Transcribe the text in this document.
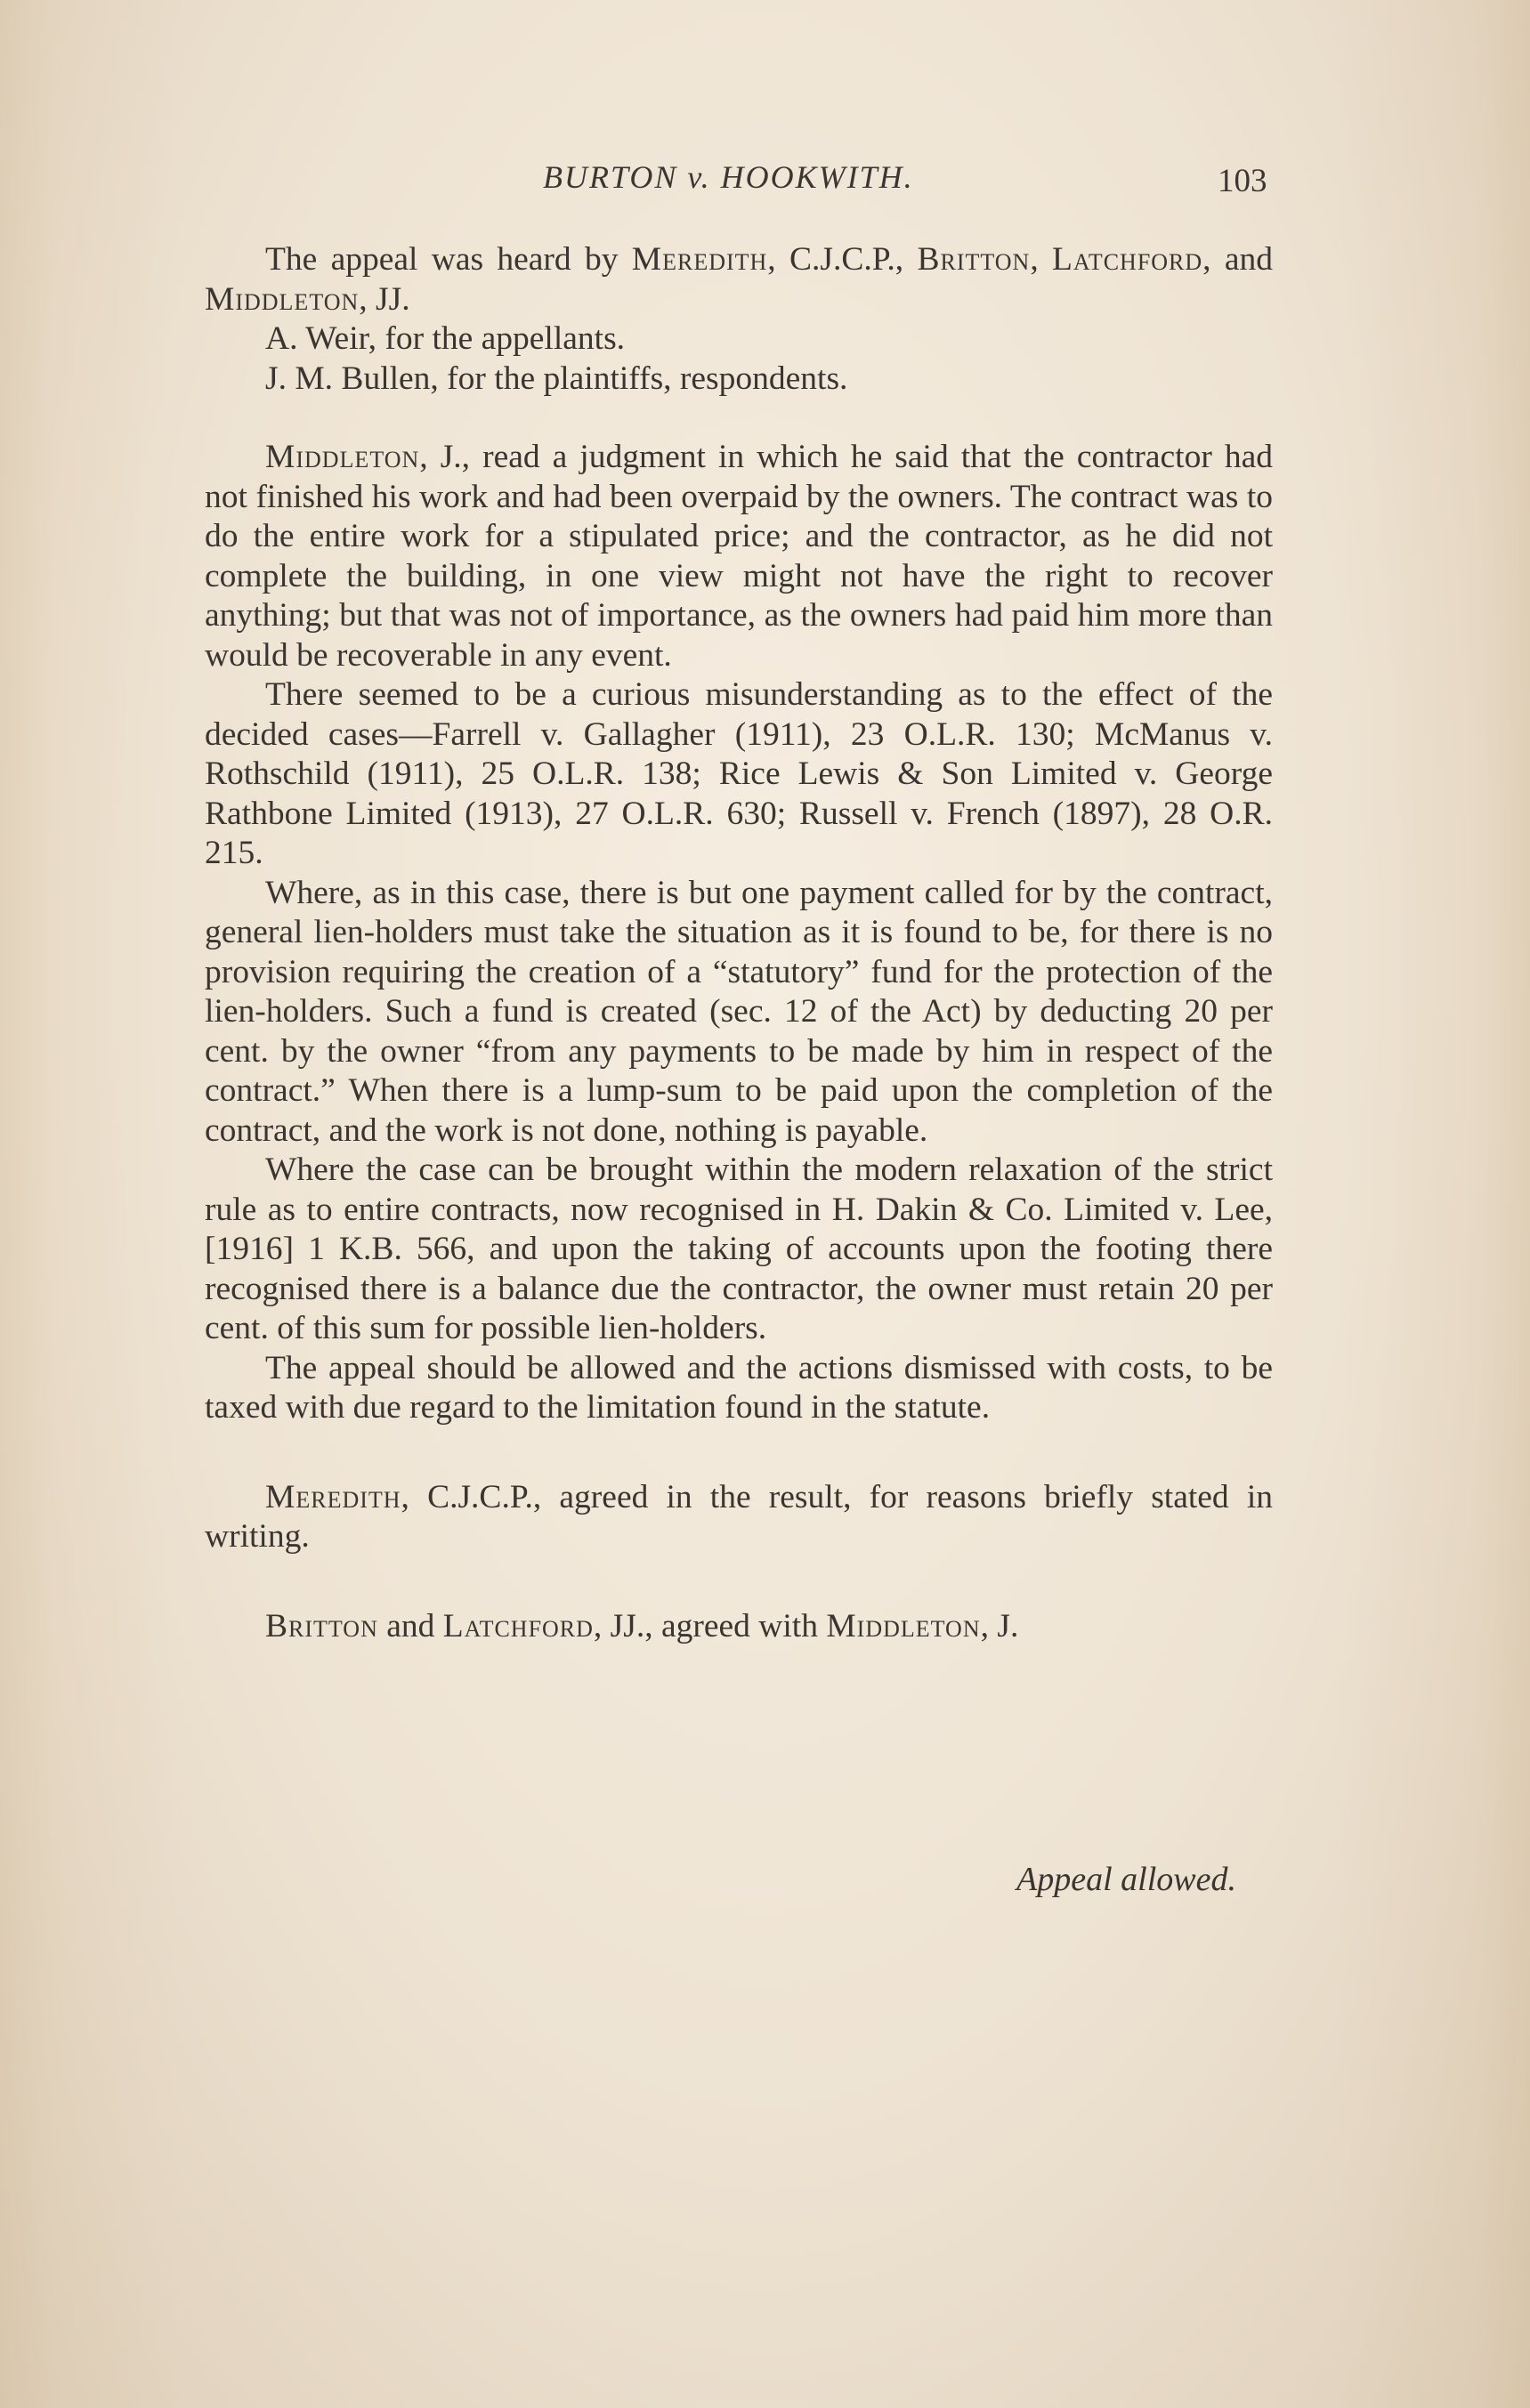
BURTON v. HOOKWITH.	103

The appeal was heard by Meredith, C.J.C.P., Britton, Latchford, and Middleton, JJ.

A. Weir, for the appellants.

J. M. Bullen, for the plaintiffs, respondents.

Middleton, J., read a judgment in which he said that the contractor had not finished his work and had been overpaid by the owners. The contract was to do the entire work for a stipulated price; and the contractor, as he did not complete the building, in one view might not have the right to recover anything; but that was not of importance, as the owners had paid him more than would be recoverable in any event.

There seemed to be a curious misunderstanding as to the effect of the decided cases—Farrell v. Gallagher (1911), 23 O.L.R. 130; McManus v. Rothschild (1911), 25 O.L.R. 138; Rice Lewis & Son Limited v. George Rathbone Limited (1913), 27 O.L.R. 630; Russell v. French (1897), 28 O.R. 215.

Where, as in this case, there is but one payment called for by the contract, general lien-holders must take the situation as it is found to be, for there is no provision requiring the creation of a “statutory” fund for the protection of the lien-holders. Such a fund is created (sec. 12 of the Act) by deducting 20 per cent. by the owner “from any payments to be made by him in respect of the contract.” When there is a lump-sum to be paid upon the completion of the contract, and the work is not done, nothing is payable.

Where the case can be brought within the modern relaxation of the strict rule as to entire contracts, now recognised in H. Dakin & Co. Limited v. Lee, [1916] 1 K.B. 566, and upon the taking of accounts upon the footing there recognised there is a balance due the contractor, the owner must retain 20 per cent. of this sum for possible lien-holders.

The appeal should be allowed and the actions dismissed with costs, to be taxed with due regard to the limitation found in the statute.

Meredith, C.J.C.P., agreed in the result, for reasons briefly stated in writing.

Britton and Latchford, JJ., agreed with Middleton, J.

Appeal allowed.
